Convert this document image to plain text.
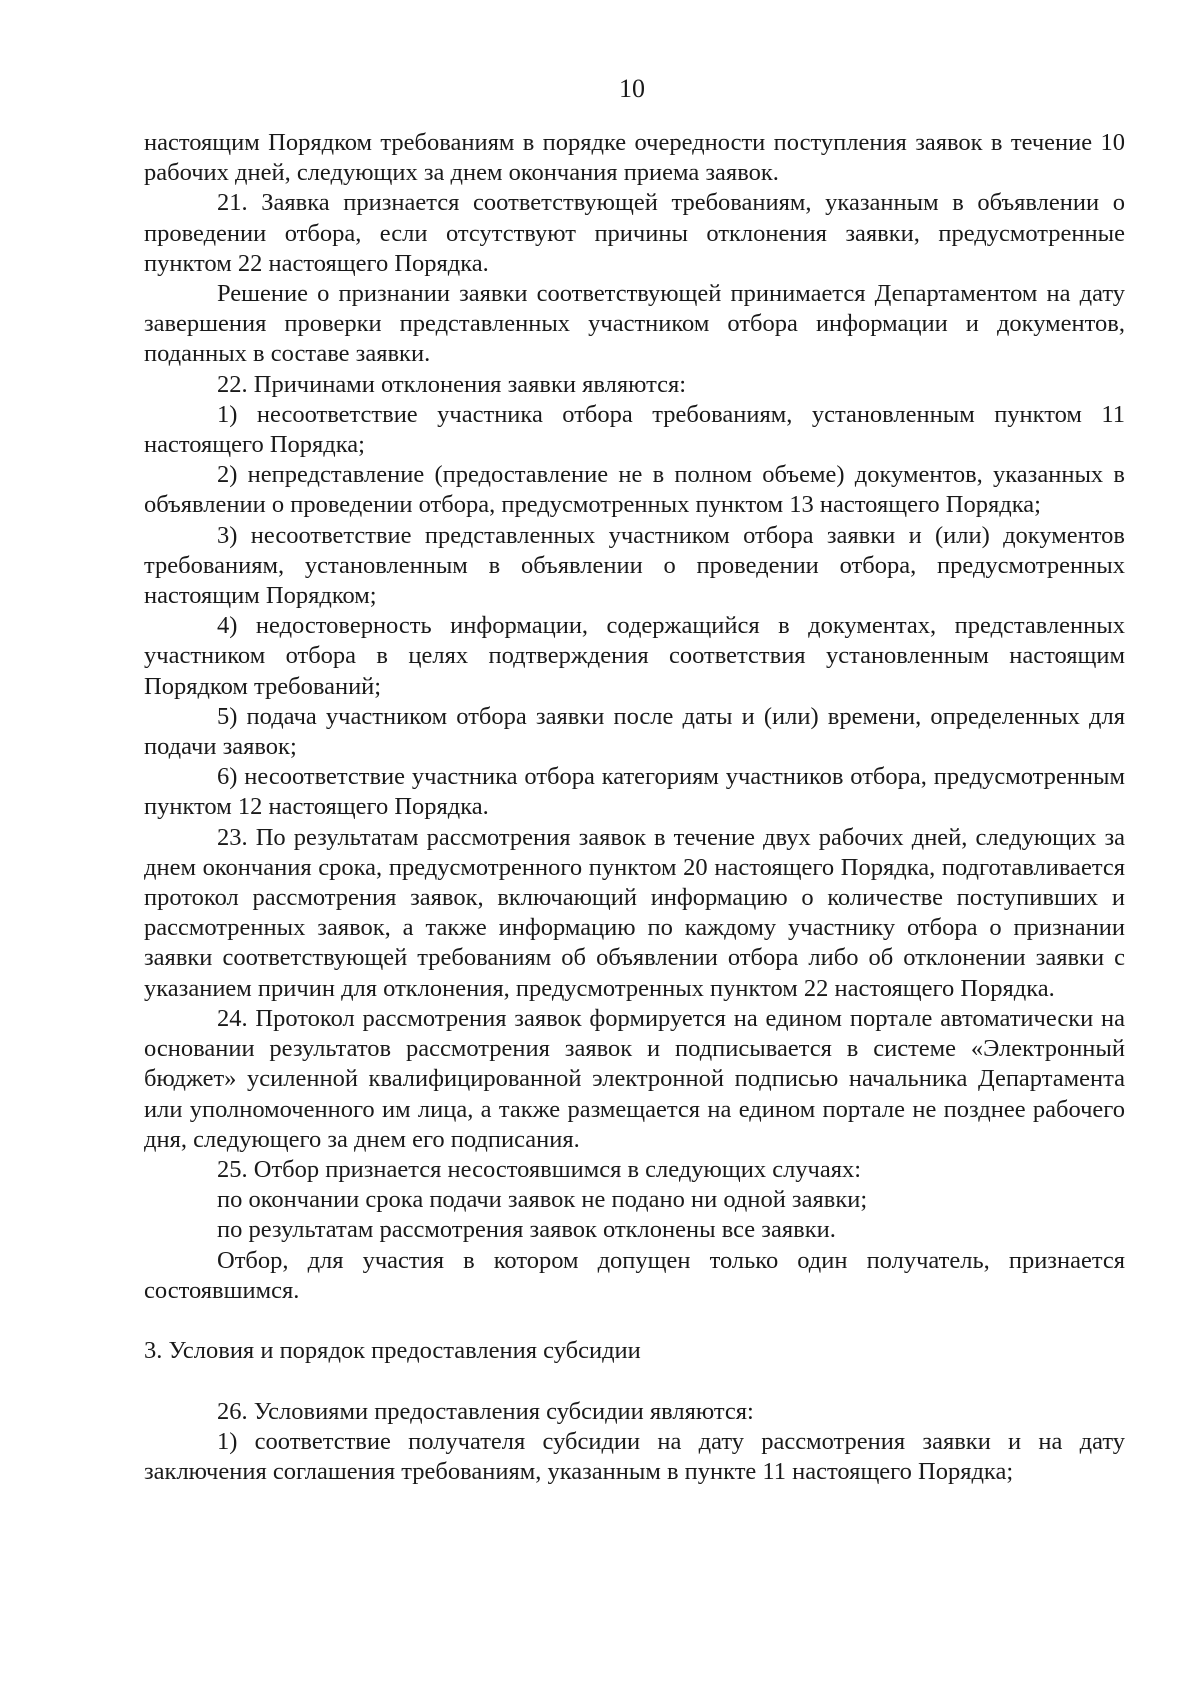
10

настоящим Порядком требованиям в порядке очередности поступления заявок в течение 10 рабочих дней, следующих за днем окончания приема заявок.

21. Заявка признается соответствующей требованиям, указанным в объявлении о проведении отбора, если отсутствуют причины отклонения заявки, предусмотренные пунктом 22 настоящего Порядка.

Решение о признании заявки соответствующей принимается Департаментом на дату завершения проверки представленных участником отбора информации и документов, поданных в составе заявки.

22. Причинами отклонения заявки являются:

1) несоответствие участника отбора требованиям, установленным пунктом 11 настоящего Порядка;

2) непредставление (предоставление не в полном объеме) документов, указанных в объявлении о проведении отбора, предусмотренных пунктом 13 настоящего Порядка;

3) несоответствие представленных участником отбора заявки и (или) документов требованиям, установленным в объявлении о проведении отбора, предусмотренных настоящим Порядком;

4) недостоверность информации, содержащийся в документах, представленных участником отбора в целях подтверждения соответствия установленным настоящим Порядком требований;

5) подача участником отбора заявки после даты и (или) времени, определенных для подачи заявок;

6) несоответствие участника отбора категориям участников отбора, предусмотренным пунктом 12 настоящего Порядка.

23. По результатам рассмотрения заявок в течение двух рабочих дней, следующих за днем окончания срока, предусмотренного пунктом 20 настоящего Порядка, подготавливается протокол рассмотрения заявок, включающий информацию о количестве поступивших и рассмотренных заявок, а также информацию по каждому участнику отбора о признании заявки соответствующей требованиям об объявлении отбора либо об отклонении заявки с указанием причин для отклонения, предусмотренных пунктом 22 настоящего Порядка.

24. Протокол рассмотрения заявок формируется на едином портале автоматически на основании результатов рассмотрения заявок и подписывается в системе «Электронный бюджет» усиленной квалифицированной электронной подписью начальника Департамента или уполномоченного им лица, а также размещается на едином портале не позднее рабочего дня, следующего за днем его подписания.

25. Отбор признается несостоявшимся в следующих случаях:

по окончании срока подачи заявок не подано ни одной заявки;

по результатам рассмотрения заявок отклонены все заявки.

Отбор, для участия в котором допущен только один получатель, признается состоявшимся.

3. Условия и порядок предоставления субсидии

26. Условиями предоставления субсидии являются:

1) соответствие получателя субсидии на дату рассмотрения заявки и на дату заключения соглашения требованиям, указанным в пункте 11 настоящего Порядка;
